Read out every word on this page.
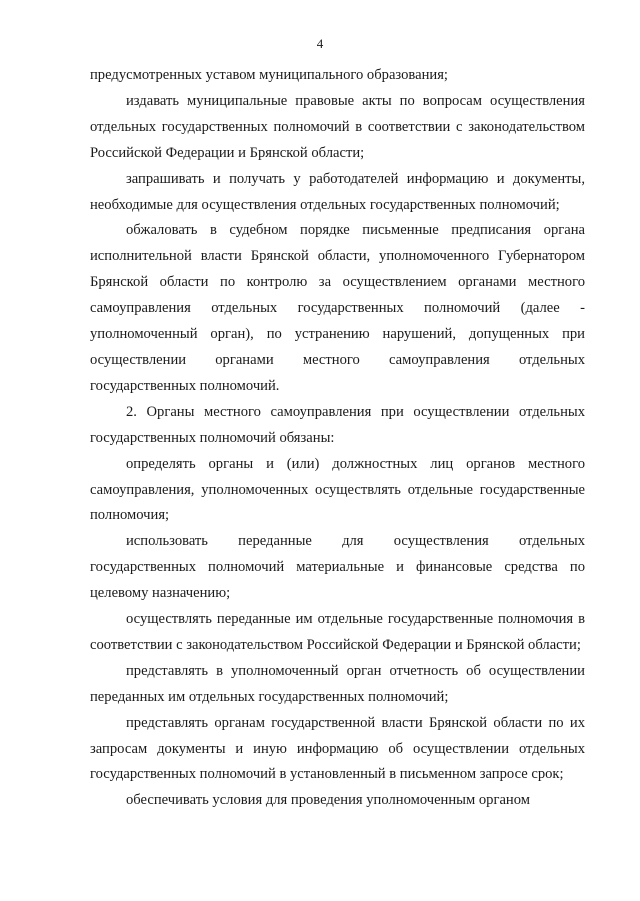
4

предусмотренных уставом муниципального образования;

издавать муниципальные правовые акты по вопросам осуществления отдельных государственных полномочий в соответствии с законодательством Российской Федерации и Брянской области;

запрашивать и получать у работодателей информацию и документы, необходимые для осуществления отдельных государственных полномочий;

обжаловать в судебном порядке письменные предписания органа исполнительной власти Брянской области, уполномоченного Губернатором Брянской области по контролю за осуществлением органами местного самоуправления отдельных государственных полномочий (далее - уполномоченный орган), по устранению нарушений, допущенных при осуществлении органами местного самоуправления отдельных государственных полномочий.

2. Органы местного самоуправления при осуществлении отдельных государственных полномочий обязаны:

определять органы и (или) должностных лиц органов местного самоуправления, уполномоченных осуществлять отдельные государственные полномочия;

использовать переданные для осуществления отдельных государственных полномочий материальные и финансовые средства по целевому назначению;

осуществлять переданные им отдельные государственные полномочия в соответствии с законодательством Российской Федерации и Брянской области;

представлять в уполномоченный орган отчетность об осуществлении переданных им отдельных государственных полномочий;

представлять органам государственной власти Брянской области по их запросам документы и иную информацию об осуществлении отдельных государственных полномочий в установленный в письменном запросе срок;

обеспечивать условия для проведения уполномоченным органом
